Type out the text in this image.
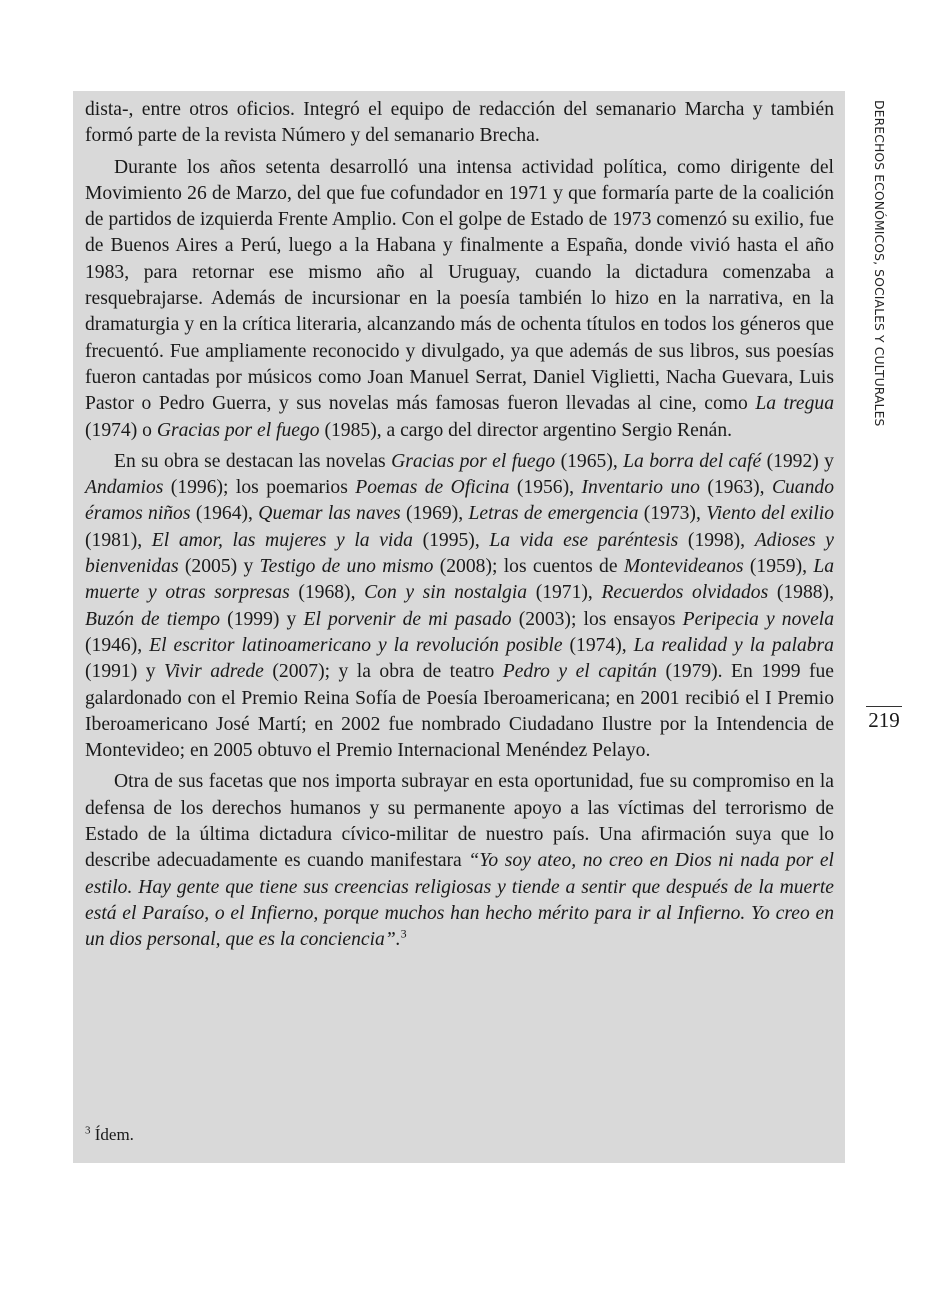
dista-, entre otros oficios. Integró el equipo de redacción del semanario Marcha y también formó parte de la revista Número y del semanario Brecha.

Durante los años setenta desarrolló una intensa actividad política, como dirigente del Movimiento 26 de Marzo, del que fue cofundador en 1971 y que formaría parte de la coalición de partidos de izquierda Frente Amplio. Con el golpe de Estado de 1973 comenzó su exilio, fue de Buenos Aires a Perú, luego a la Habana y finalmente a España, donde vivió hasta el año 1983, para retornar ese mismo año al Uruguay, cuando la dictadura comenzaba a resquebrajarse. Además de incursionar en la poesía también lo hizo en la narrativa, en la dramaturgia y en la crítica literaria, alcanzando más de ochenta títulos en todos los géneros que frecuentó. Fue ampliamente reconocido y divulgado, ya que además de sus libros, sus poesías fueron cantadas por músicos como Joan Manuel Serrat, Daniel Viglietti, Nacha Guevara, Luis Pastor o Pedro Guerra, y sus novelas más famosas fueron llevadas al cine, como La tregua (1974) o Gracias por el fuego (1985), a cargo del director argentino Sergio Renán.

En su obra se destacan las novelas Gracias por el fuego (1965), La borra del café (1992) y Andamios (1996); los poemarios Poemas de Oficina (1956), Inventario uno (1963), Cuando éramos niños (1964), Quemar las naves (1969), Letras de emergencia (1973), Viento del exilio (1981), El amor, las mujeres y la vida (1995), La vida ese paréntesis (1998), Adioses y bienvenidas (2005) y Testigo de uno mismo (2008); los cuentos de Montevideanos (1959), La muerte y otras sorpresas (1968), Con y sin nostalgia (1971), Recuerdos olvidados (1988), Buzón de tiempo (1999) y El porvenir de mi pasado (2003); los ensayos Peripecia y novela (1946), El escritor latinoamericano y la revolución posible (1974), La realidad y la palabra (1991) y Vivir adrede (2007); y la obra de teatro Pedro y el capitán (1979). En 1999 fue galardonado con el Premio Reina Sofía de Poesía Iberoamericana; en 2001 recibió el I Premio Iberoamericano José Martí; en 2002 fue nombrado Ciudadano Ilustre por la Intendencia de Montevideo; en 2005 obtuvo el Premio Internacional Menéndez Pelayo.

Otra de sus facetas que nos importa subrayar en esta oportunidad, fue su compromiso en la defensa de los derechos humanos y su permanente apoyo a las víctimas del terrorismo de Estado de la última dictadura cívico-militar de nuestro país. Una afirmación suya que lo describe adecuadamente es cuando manifestara “Yo soy ateo, no creo en Dios ni nada por el estilo. Hay gente que tiene sus creencias religiosas y tiende a sentir que después de la muerte está el Paraíso, o el Infierno, porque muchos han hecho mérito para ir al Infierno. Yo creo en un dios personal, que es la conciencia”.$^3$

$^3$ Ídem.
DERECHOS ECONÓMICOS, SOCIALES Y CULTURALES
219
